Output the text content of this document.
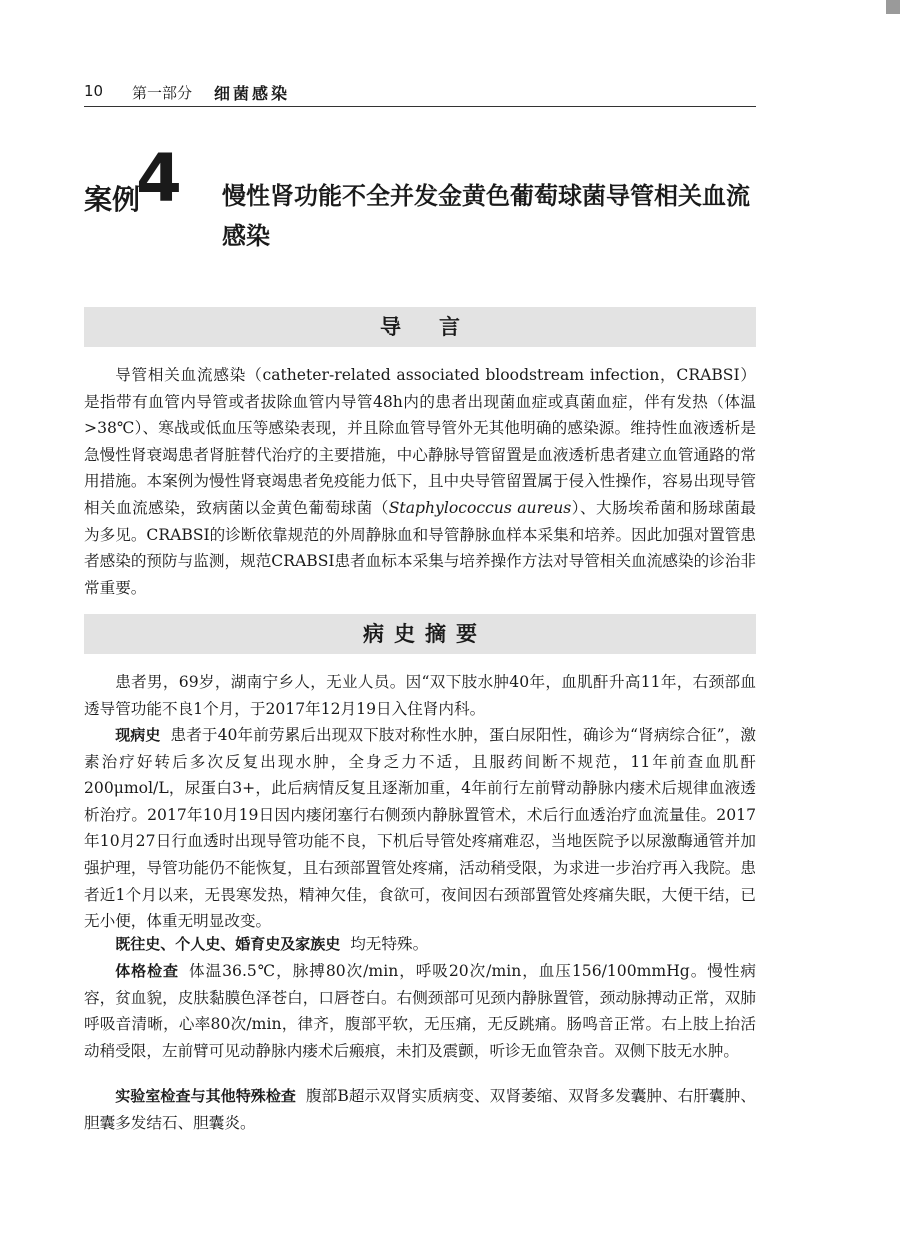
10 第一部分 细菌感染
案例
4 慢性肾功能不全并发金黄色葡萄球菌导管相关血流感染
导言
导管相关血流感染（catheter-related associated bloodstream infection，CRABSI）是指带有血管内导管或者拔除血管内导管48h内的患者出现菌血症或真菌血症，伴有发热（体温>38℃）、寒战或低血压等感染表现，并且除血管导管外无其他明确的感染源。维持性血液透析是急慢性肾衰竭患者肾脏替代治疗的主要措施，中心静脉导管留置是血液透析患者建立血管通路的常用措施。本案例为慢性肾衰竭患者免疫能力低下，且中央导管留置属于侵入性操作，容易出现导管相关血流感染，致病菌以金黄色葡萄球菌（Staphylococcus aureus）、大肠埃希菌和肠球菌最为多见。CRABSI的诊断依靠规范的外周静脉血和导管静脉血样本采集和培养。因此加强对置管患者感染的预防与监测，规范CRABSI患者血标本采集与培养操作方法对导管相关血流感染的诊治非常重要。
病史摘要
患者男，69岁，湖南宁乡人，无业人员。因“双下肢水肿40年，血肌酐升高11年，右颈部血透导管功能不良1个月，于2017年12月19日入住肾内科。
现病史 患者于40年前劳累后出现双下肢对称性水肿，蛋白尿阳性，确诊为“肾病综合征”，激素治疗好转后多次反复出现水肿，全身乏力不适，且服药间断不规范，11年前查血肌酐200μmol/L，尿蛋白3+，此后病情反复且逐渐加重，4年前行左前臂动静脉内瘘术后规律血液透析治疗。2017年10月19日因内瘘闭塞行右侧颈内静脉置管术，术后行血透治疗血流量佳。2017年10月27日行血透时出现导管功能不良，下机后导管处疼痛难忍，当地医院予以尿激酶通管并加强护理，导管功能仍不能恢复，且右颈部置管处疼痛，活动稍受限，为求进一步治疗再入我院。患者近1个月以来，无畏寒发热，精神欠佳，食欲可，夜间因右颈部置管处疼痛失眠，大便干结，已无小便，体重无明显改变。
既往史、个人史、婚育史及家族史 均无特殊。
体格检查 体温36.5℃，脉搏80次/min，呼吸20次/min，血压156/100mmHg。慢性病容，贫血貌，皮肤黏膜色泽苍白，口唇苍白。右侧颈部可见颈内静脉置管，颈动脉搏动正常，双肺呼吸音清晰，心率80次/min，律齐，腹部平软，无压痛，无反跳痛。肠鸣音正常。右上肢上抬活动稍受限，左前臂可见动静脉内瘘术后瘢痕，未扪及震颤，听诊无血管杂音。双侧下肢无水肿。
实验室检查与其他特殊检查 腹部B超示双肾实质病变、双肾萎缩、双肾多发囊肿、右肝囊肿、胆囊多发结石、胆囊炎。
